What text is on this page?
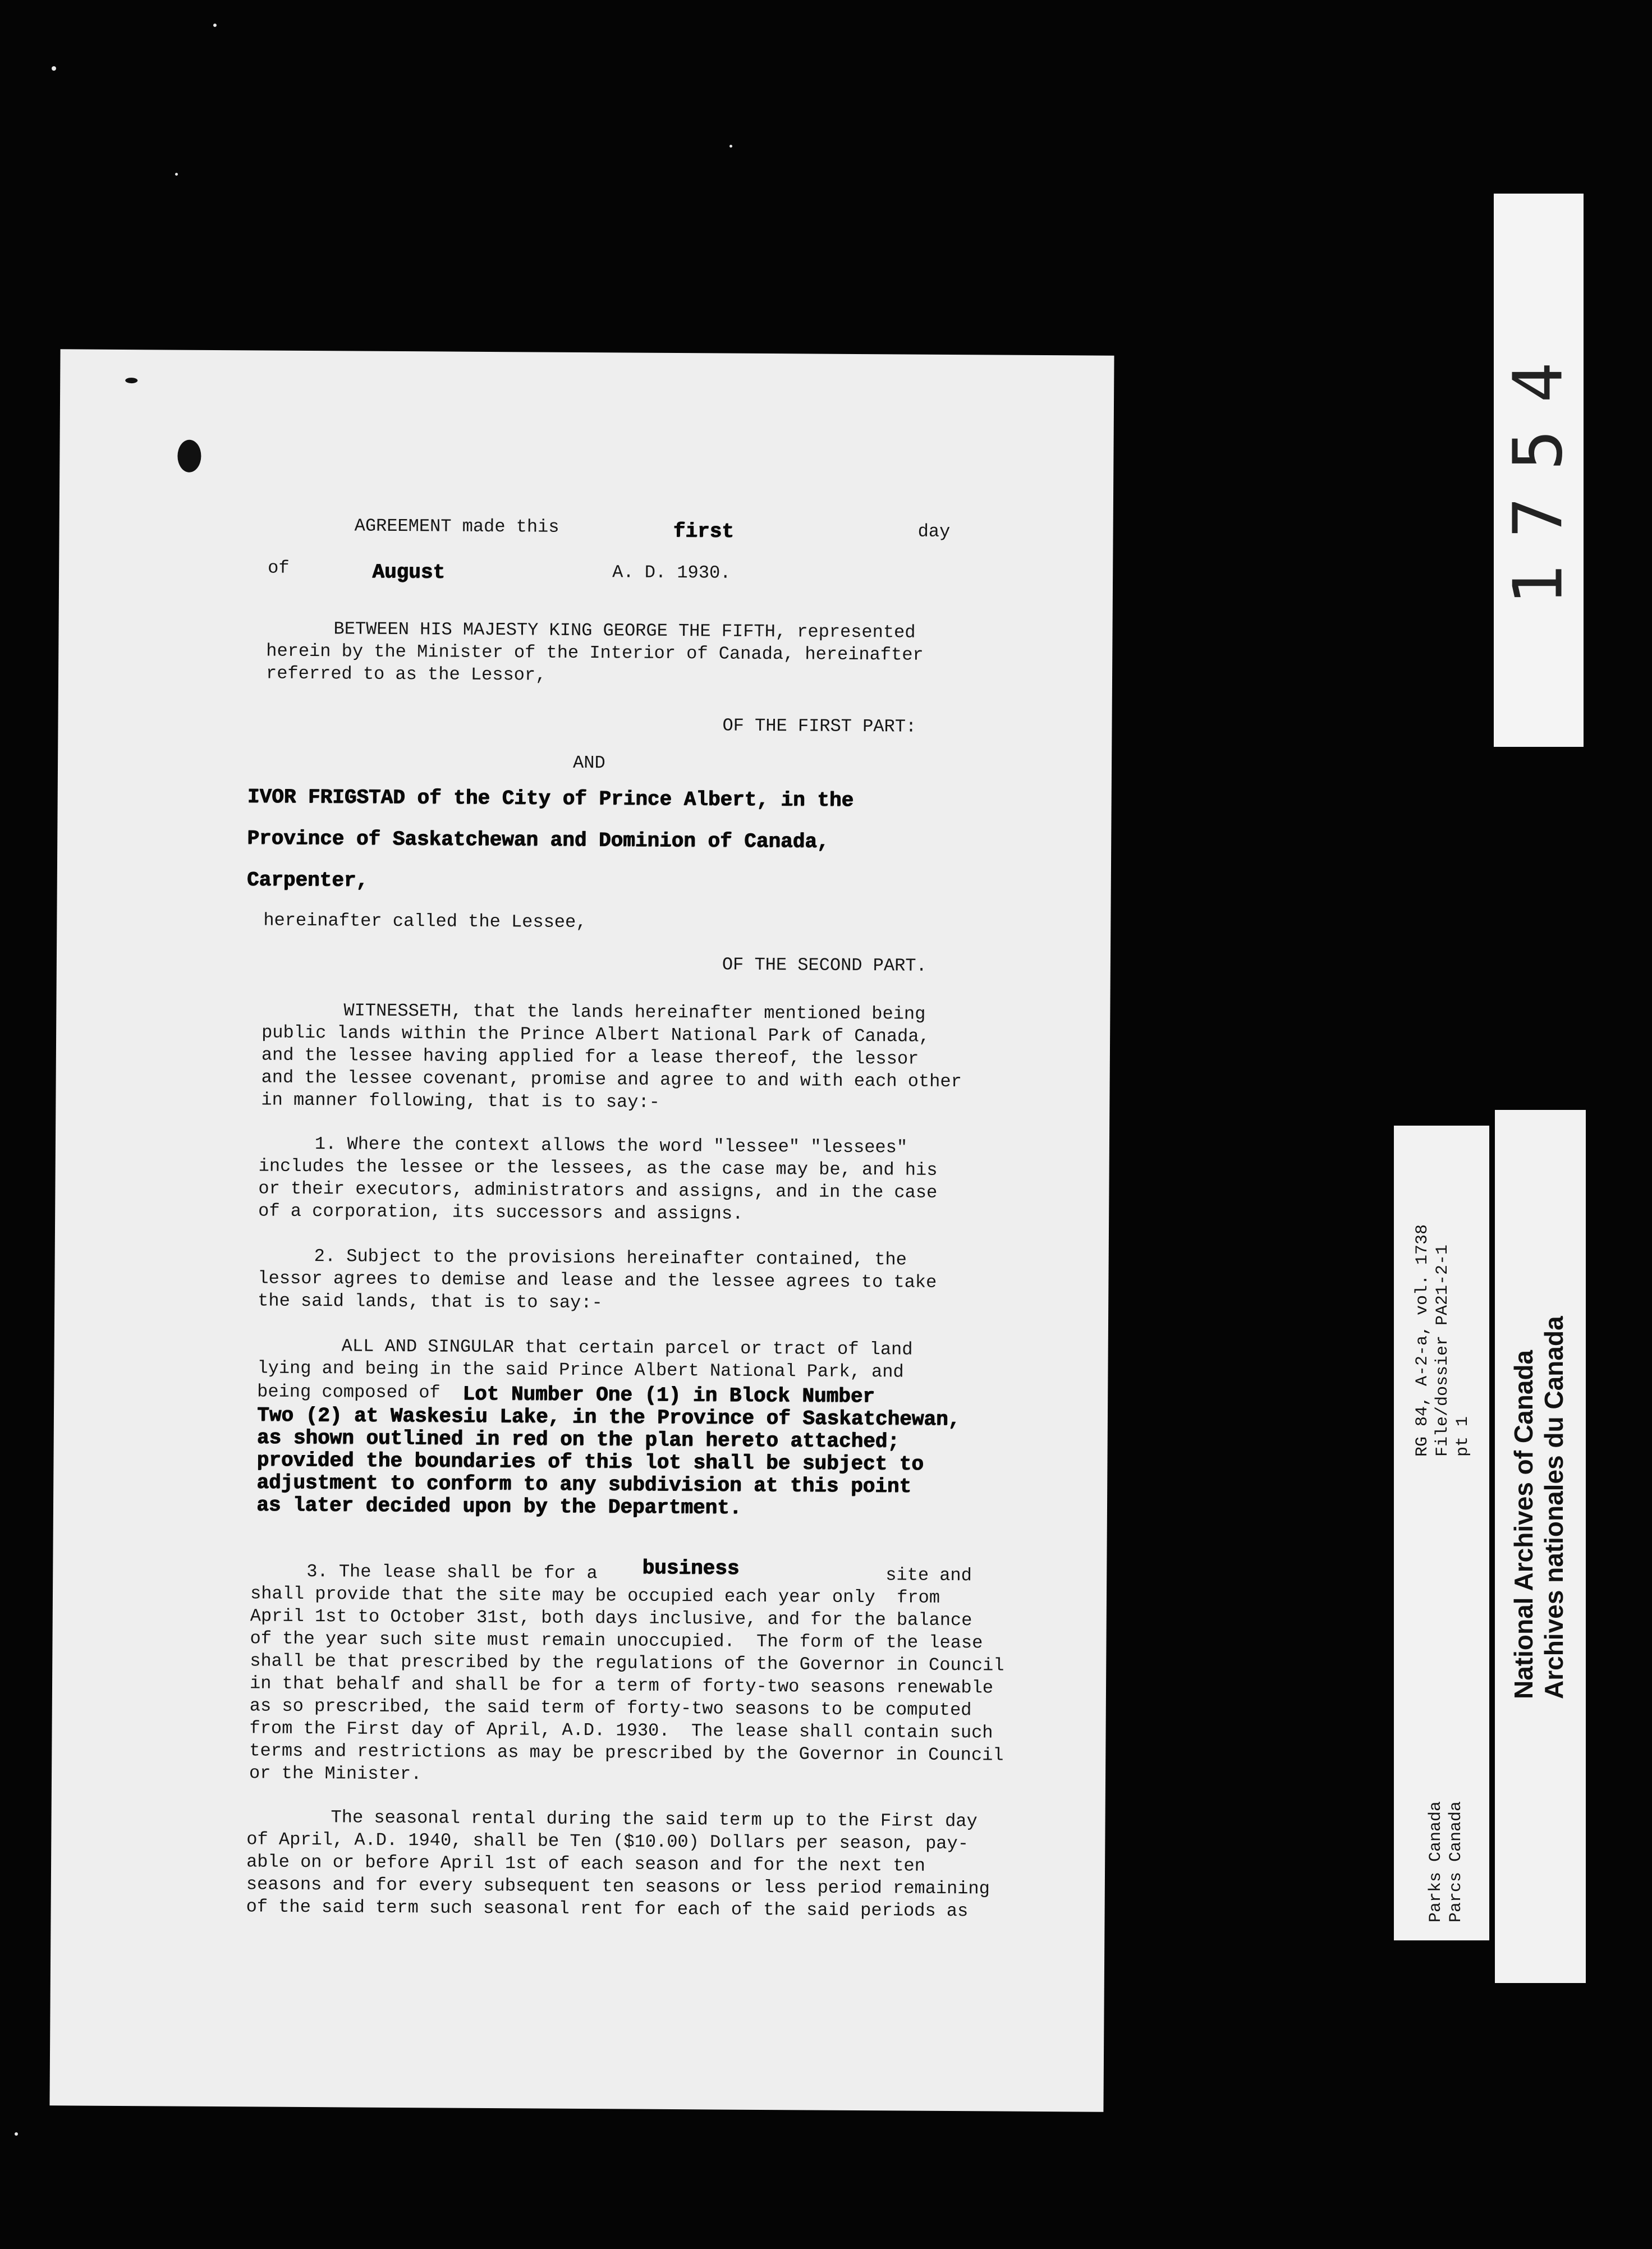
AGREEMENT made this	first	day
of	August	A. D. 1930.
BETWEEN HIS MAJESTY KING GEORGE THE FIFTH, represented
herein by the Minister of the Interior of Canada, hereinafter
referred to as the Lessor,
OF THE FIRST PART:
AND
IVOR FRIGSTAD of the City of Prince Albert, in the
Province of Saskatchewan and Dominion of Canada,
Carpenter,
hereinafter called the Lessee,
OF THE SECOND PART.
WITNESSETH, that the lands hereinafter mentioned being
public lands within the Prince Albert National Park of Canada,
and the lessee having applied for a lease thereof, the lessor
and the lessee covenant, promise and agree to and with each other
in manner following, that is to say:-
1. Where the context allows the word "lessee" "lessees"
includes the lessee or the lessees, as the case may be, and his
or their executors, administrators and assigns, and in the case
of a corporation, its successors and assigns.
2. Subject to the provisions hereinafter contained, the
lessor agrees to demise and lease and the lessee agrees to take
the said lands, that is to say:-
ALL AND SINGULAR that certain parcel or tract of land
lying and being in the said Prince Albert National Park, and
being composed of Lot Number One (1) in Block Number
Two (2) at Waskesiu Lake, in the Province of Saskatchewan,
as shown outlined in red on the plan hereto attached;
provided the boundaries of this lot shall be subject to
adjustment to conform to any subdivision at this point
as later decided upon by the Department.
3. The lease shall be for a business	site and
shall provide that the site may be occupied each year only  from
April 1st to October 31st, both days inclusive, and for the balance
of the year such site must remain unoccupied.  The form of the lease
shall be that prescribed by the regulations of the Governor in Council
in that behalf and shall be for a term of forty-two seasons renewable
as so prescribed, the said term of forty-two seasons to be computed
from the First day of April, A.D. 1930.  The lease shall contain such
terms and restrictions as may be prescribed by the Governor in Council
or the Minister.
The seasonal rental during the said term up to the First day
of April, A.D. 1940, shall be Ten ($10.00) Dollars per season, pay-
able on or before April 1st of each season and for the next ten
seasons and for every subsequent ten seasons or less period remaining
of the said term such seasonal rent for each of the said periods as
1754
Parks Canada Parcs Canada
RG 84, A-2-a, vol. 1738 File/dossier PA21-2-1 pt 1 National Archives of Canada Archives nationales du Canada
